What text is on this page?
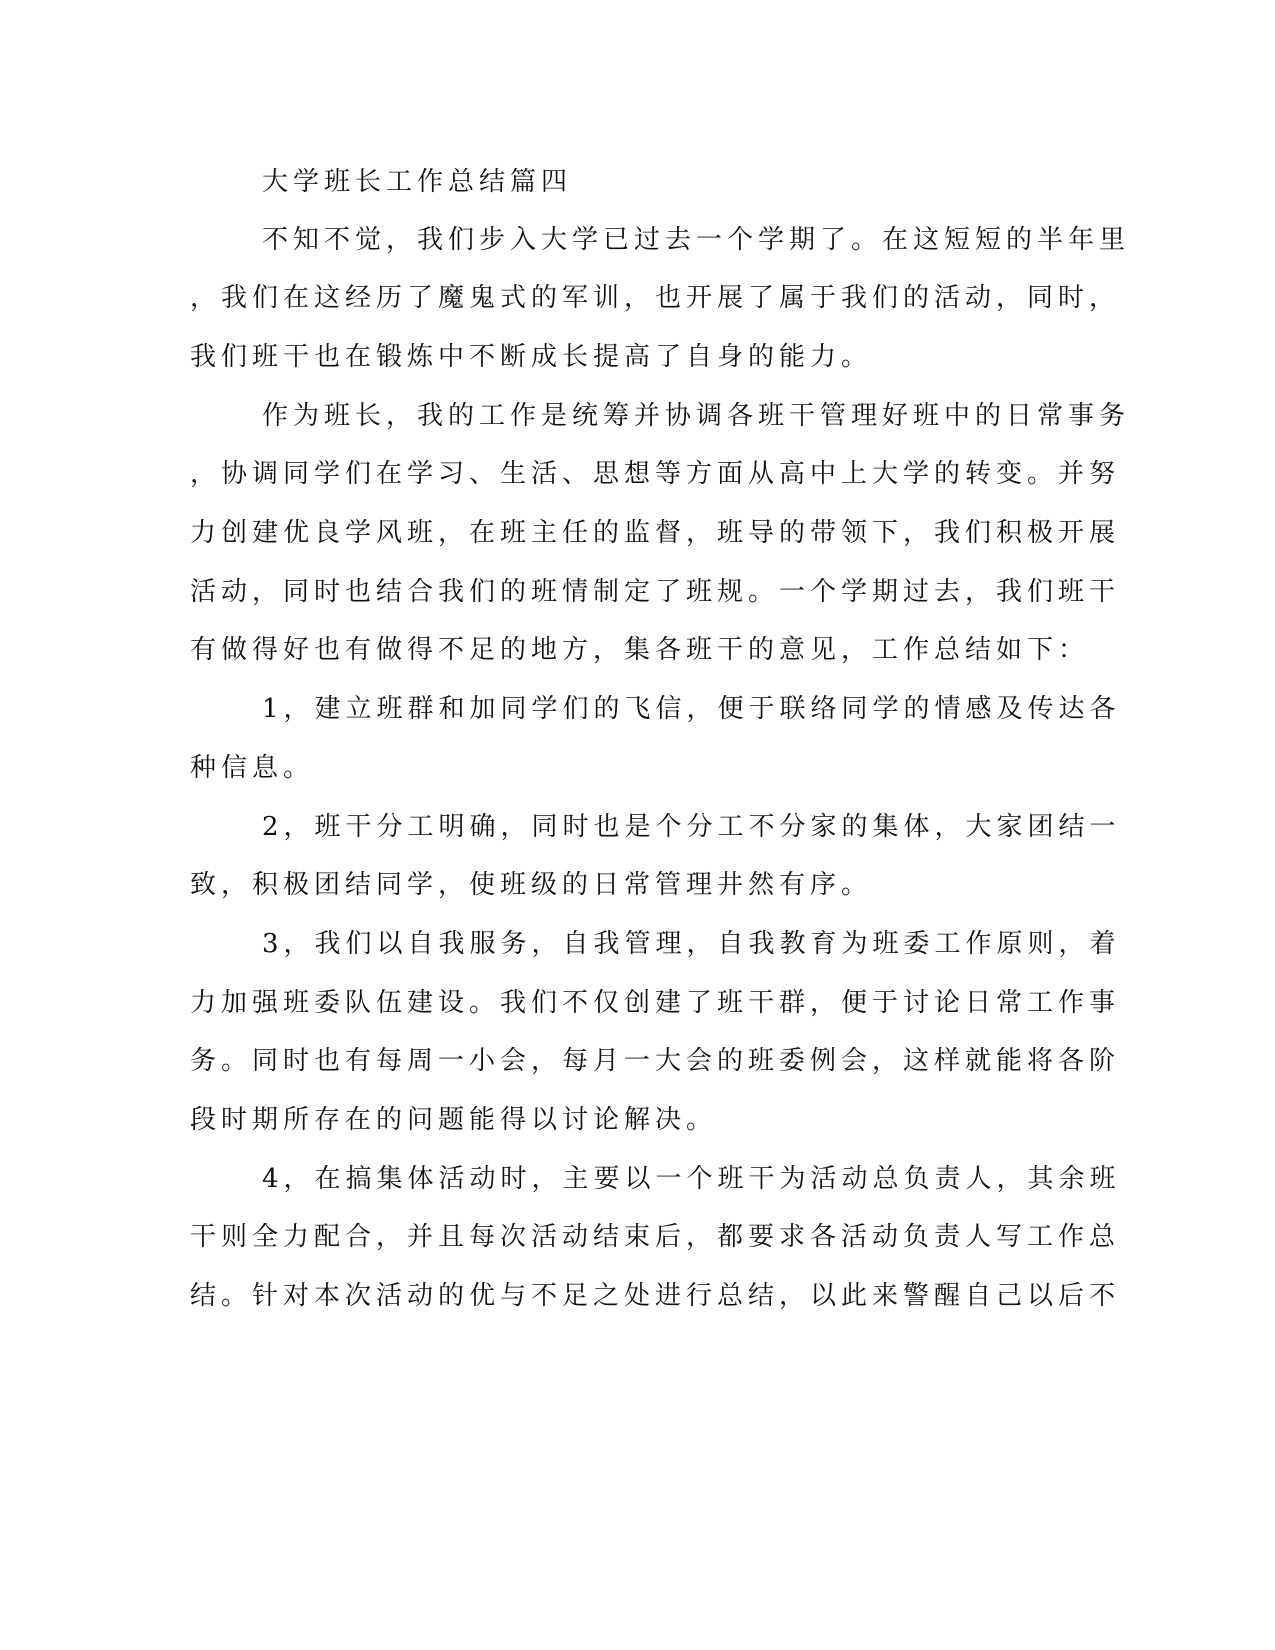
大学班长工作总结篇四
不知不觉，我们步入大学已过去一个学期了。在这短短的半年里
，我们在这经历了魔鬼式的军训，也开展了属于我们的活动，同时，
我们班干也在锻炼中不断成长提高了自身的能力。
作为班长，我的工作是统筹并协调各班干管理好班中的日常事务
，协调同学们在学习、生活、思想等方面从高中上大学的转变。并努
力创建优良学风班，在班主任的监督，班导的带领下，我们积极开展
活动，同时也结合我们的班情制定了班规。一个学期过去，我们班干
有做得好也有做得不足的地方，集各班干的意见，工作总结如下：
1，建立班群和加同学们的飞信，便于联络同学的情感及传达各
种信息。
2，班干分工明确，同时也是个分工不分家的集体，大家团结一
致，积极团结同学，使班级的日常管理井然有序。
3，我们以自我服务，自我管理，自我教育为班委工作原则，着
力加强班委队伍建设。我们不仅创建了班干群，便于讨论日常工作事
务。同时也有每周一小会，每月一大会的班委例会，这样就能将各阶
段时期所存在的问题能得以讨论解决。
4，在搞集体活动时，主要以一个班干为活动总负责人，其余班
干则全力配合，并且每次活动结束后，都要求各活动负责人写工作总
结。针对本次活动的优与不足之处进行总结，以此来警醒自己以后不
